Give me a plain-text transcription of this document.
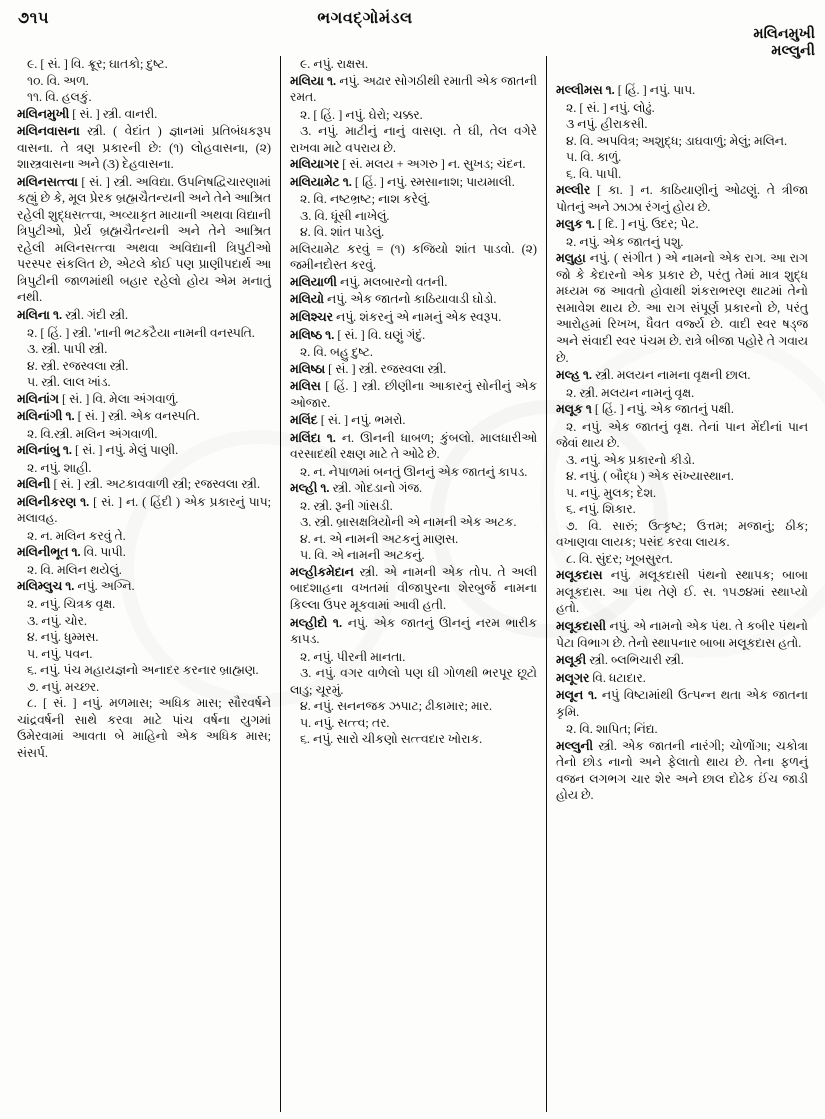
૭૧૫	ભગવદ્ગોમંડલ
મલિનમુખી
મલ્લુની

૯. [ સં. ] વિ. ક્રૂર; ઘાતકો; દુષ્ટ.

૧૦. વિ. અળ.

૧૧. વિ. હલકું.

મલિનમુખી [ સં. ] સ્ત્રી. વાનરી.

મલિનવાસના સ્ત્રી. ( વેદાંત ) જ્ઞાનમાં પ્રતિબંધકરૂપ વાસના. તે ત્રણ પ્રકારની છે: (૧) લોહવાસના, (૨) શાસ્ત્રવાસના અને (૩) દેહવાસના.

મલિનસત્ત્વા [ સં. ] સ્ત્રી. અવિદ્યા. ઉપનિષદ્વિચારણામાં કહ્યું છે કે, મૂલ પ્રેરક બ્રહ્મચૈતન્યની અને તેને આશ્રિત રહેલી શુદ્ધસત્ત્વા, અવ્યાકૃત માયાની અથવા વિદ્યાની ત્રિપુટીઓ, પ્રેર્ય બ્રહ્મચૈતન્યની અને તેને આશ્રિત રહેલી મલિનસત્ત્વા અથવા અવિદ્યાની ત્રિપુટીઓ પરસ્પર સંકલિત છે, એટલે કોઈ પણ પ્રાણીપદાર્થ આ ત્રિપુટીની જાળમાંથી બહાર રહેલો હોય એમ મનાતું નથી.

મલિના ૧. સ્ત્રી. ગંદી સ્ત્રી.

૨. [ હિં. ] સ્ત્રી. 'નાની ભટકટૈયા નામની વનસ્પતિ.

૩. સ્ત્રી. પાપી સ્ત્રી.

૪. સ્ત્રી. રજસ્વલા સ્ત્રી.

૫. સ્ત્રી. લાલ ખાંડ.

મલિનાંગ [ સં. ] વિ. મેલા અંગવાળું.

મલિનાંગી ૧. [ સં. ] સ્ત્રી. એક વનસ્પતિ.

૨. વિ.સ્ત્રી. મલિન અંગવાળી.

મલિનાંબુ ૧. [ સં. ] નપું. મેલું પાણી.

૨. નપું. શાહી.

મલિની [ સં. ] સ્ત્રી. અટકાવવાળી સ્ત્રી; રજસ્વલા સ્ત્રી.

મલિનીકરણ ૧. [ સં. ] ન. ( હિંદી ) એક પ્રકારનું પાપ; મલાવહ.

૨. ન. મલિન કરવું તે.

મલિનીભૂત ૧. વિ. પાપી.

૨. વિ. મલિન થયેલું.

મલિમ્લુચ ૧. નપું. અગ્નિ.

૨. નપું. ચિત્રક વૃક્ષ.

૩. નપું. ચોર.

૪. નપું. ધુમ્મસ.

૫. નપું. પવન.

૬. નપું. પંચ મહાયજ્ઞનો અનાદર કરનાર બ્રાહ્મણ.

૭. નપું. મચ્છર.

૮. [ સં. ] નપું. મળમાસ; અધિક માસ; સૌરવર્ષને ચાંદ્રવર્ષની સાથે કરવા માટે પાંચ વર્ષના યુગમાં ઉમેરવામાં આવતા બે માહિનો એક અધિક માસ; સંસર્પ.

૯. નપું. રાક્ષસ.

મલિયા ૧. નપું. અઢાર સોગઠીથી રમાતી એક જાતની રમત.

૨. [ હિં. ] નપું. ઘેરો; ચક્કર.

૩. નપું. માટીનું નાનું વાસણ. તે ઘી, તેલ વગેરે રાખવા માટે વપરાય છે.

મલિયાગર [ સં. મલય + અગરુ ] ન. સુખડ; ચંદન.

મલિયામેટ ૧. [ હિં. ] નપું. સ્મસાનાશ; પાયમાલી.

૨. વિ. નષ્ટભ્રષ્ટ; નાશ કરેલું.

૩. વિ. ધૂંસી નાખેલું.

૪. વિ. શાંત પાડેલું.

મલિયામેટ કરવું = (૧) કજિયો શાંત પાડવો. (૨) જમીનદોસ્ત કરવું.

મલિયાળી નપું. મલબારનો વતની.

મલિયો નપું. એક જાતનો કાઠિયાવાડી ઘોડો.

મલિશ્ચર નપું. શંકરનું એ નામનું એક સ્વરૂપ.

મલિષ્ઠ ૧. [ સં. ] વિ. ઘણું ગંદું.

૨. વિ. બહુ દુષ્ટ.

મલિષ્ઠા [ સં. ] સ્ત્રી. રજસ્વલા સ્ત્રી.

મલિસ [ હિં. ] સ્ત્રી. છીણીના આકારનું સોનીનું એક ઓજાર.

મલિંદ [ સં. ] નપું. ભમરો.

મલિંદા ૧. ન. ઊનની ધાબળ; કુંબલો. માલધારીઓ વરસાદથી રક્ષણ માટે તે ઓઢે છે.

૨. ન. નેપાળમાં બનતું ઊનનું એક જાતનું કાપડ.

મલ્હી ૧. સ્ત્રી. ગોદડાનો ગંજ.

૨. સ્ત્રી. રૂની ગાંસડી.

૩. સ્ત્રી. બ્રાસક્ષત્રિયોની એ નામની એક અટક.

૪. ન. એ નામની અટકનું માણસ.

૫. વિ. એ નામની અટકનું.

મલ્હીકમેદાન સ્ત્રી. એ નામની એક તોપ. તે અલી બાદશાહના વખતમાં વીજાપુરના શેરબુર્જ નામના કિલ્લા ઉપર મૂકવામાં આવી હતી.

મલ્હીદો ૧. નપું. એક જાતનું ઊનનું નરમ ભારીક કાપડ.

૨. નપું. પીરની માનતા.

૩. નપું. વગર વાળેલો પણ ઘી ગોળથી ભરપૂર છૂટો લાડુ; ચૂરમું.

૪. નપું. સનનજક ઝપાટ; ઢીકામાર; માર.

૫. નપું. સત્ત્વ; તર.

૬. નપું. સારો ચીકણો સત્ત્વદાર ખોરાક.

મલ્લીમસ ૧. [ હિં. ] નપું. પાપ.

૨. [ સં. ] નપું. લોઢું.

૩ નપું. હીરાકસી.

૪. વિ. અપવિત્ર; અશુદ્ધ; ડાઘવાળું; મેલું; મલિન.

૫. વિ. કાળું.

૬. વિ. પાપી.

મલ્લીર [ કા. ] ન. કાઠિયાણીનું ઓઢણું. તે ત્રીજા પોતનું અને ઝાઝા રંગનું હોય છે.

મલુક ૧. [ દિ. ] નપું. ઉદર; પેટ.

૨. નપું. એક જાતનું પશુ.

મલુહા નપું. ( સંગીત ) એ નામનો એક રાગ. આ રાગ જો કે કેદારનો એક પ્રકાર છે, પરંતુ તેમાં માત્ર શુદ્ધ મધ્યમ જ આવતો હોવાથી શંકરાભરણ થાટમાં તેનો સમાવેશ થાય છે. આ રાગ સંપૂર્ણ પ્રકારનો છે, પરંતુ આરોહમાં રિખખ, ધૈવત વર્જ્ય છે. વાદી સ્વર ષડ્જ અને સંવાદી સ્વર પંચમ છે. રાત્રે બીજા પહોરે તે ગવાય છે.

મલ્હ ૧. સ્ત્રી. મલયન નામના વૃક્ષની છાલ.

૨. સ્ત્રી. મલયન નામનું વૃક્ષ.

મલૂક ૧ [ હિં. ] નપું. એક જાતનું પક્ષી.

૨. નપું. એક જાતનું વૃક્ષ. તેનાં પાન મેંદીનાં પાન જેવાં થાય છે.

૩. નપું. એક પ્રકારનો કીડો.

૪. નપું. ( બૌદ્ધ ) એક સંખ્યાસ્થાન.

૫. નપું. મુલક; દેશ.

૬. નપું. શિકાર.

૭. વિ. સારું; ઉત્કૃષ્ટ; ઉત્તમ; મજાનું; ઠીક; વખાણવા લાયક; પસંદ કરવા લાયક.

૮. વિ. સુંદર; ખૂબસુરત.

મલૂકદાસ નપું. મલૂકદાસી પંથનો સ્થાપક; બાબા મલૂકદાસ. આ પંથ તેણે ઈ. સ. ૧૫૭૪માં સ્થાપ્યો હતો.

મલૂકદાસી નપું. એ નામનો એક પંથ. તે કબીર પંથનો પેટા વિભાગ છે. તેનો સ્થાપનાર બાબા મલૂકદાસ હતો.

મલૂકી સ્ત્રી. બ્લભિચારી સ્ત્રી.

મલૂગર વિ. ધટાદાર.

મલૂન ૧. નપું વિષ્ટામાંથી ઉત્પન્ન થતા એક જાતના કૃમિ.

૨. વિ. શાપિત; નિંદ્ય.

મલ્લુની સ્ત્રી. એક જાતની નારંગી; ચોળોંગા; ચકોત્રા તેનો છોડ નાનો અને ફેલાતો થાય છે. તેના ફળનું વજન લગભગ ચાર શેર અને છાલ દોઢેક ઈંચ જાડી હોય છે.
